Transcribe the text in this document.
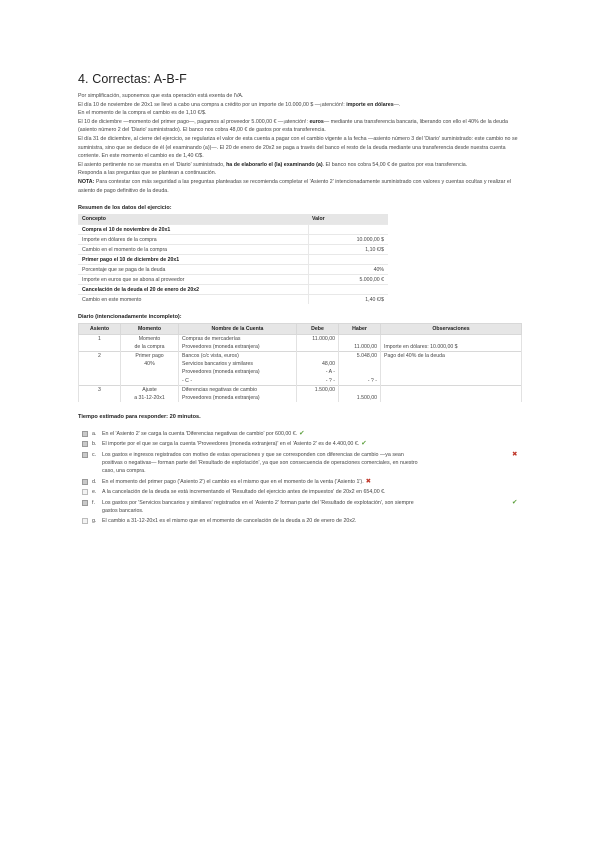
4. Correctas: A-B-F

Por simplificación, suponemos que esta operación está exenta de IVA.

El día 10 de noviembre de 20x1 se llevó a cabo una compra a crédito por un importe de 10.000,00 $ —¡atención!: importe en dólares—.

En el momento de la compra el cambio es de 1,10 €/$.

El 10 de diciembre —momento del primer pago—, pagamos al proveedor 5.000,00 € —¡atención!: euros— mediante una transferencia bancaria, liberando con ello el 40% de la deuda (asiento número 2 del 'Diario' suministrado). El banco nos cobra 48,00 € de gastos por esta transferencia.

El día 31 de diciembre, al cierre del ejercicio, se regulariza el valor de esta cuenta a pagar con el cambio vigente a la fecha —asiento número 3 del 'Diario' suministrado: este cambio no se suministra, sino que se deduce de él (el examinando (a))—. El 20 de enero de 20x2 se paga a través del banco el resto de la deuda mediante una transferencia desde nuestra cuenta corriente. En este momento el cambio es de 1,40 €/$.

El asiento pertinente no se muestra en el 'Diario' suministrado, ha de elaborarlo el (la) examinando (a). El banco nos cobra 54,00 € de gastos por esa transferencia.

Responda a las preguntas que se plantean a continuación.

NOTA: Para contestar con más seguridad a las preguntas planteadas se recomienda completar el 'Asiento 2' intencionadamente suministrado con valores y cuentas ocultas y realizar el asiento de pago definitivo de la deuda.

Resumen de los datos del ejercicio:
Concepto	Valor
Compra el 10 de noviembre de 20x1	
Importe en dólares de la compra	10.000,00 $
Cambio en el momento de la compra	1,10 €/$
Primer pago el 10 de diciembre de 20x1	
Porcentaje que se paga de la deuda	40%
Importe en euros que se abona al proveedor	5.000,00 €
Cancelación de la deuda el 20 de enero de 20x2	
Cambio en este momento	1,40 €/$
Diario (intencionadamente incompleto):
Asiento	Momento	Nombre de la Cuenta	Debe	Haber	Observaciones
1	Momento	Compras de mercaderías	11.000,00		
	de la compra	Proveedores (moneda extranjera)		11.000,00	Importe en dólares: 10.000,00 $
2	Primer pago	Bancos (c/c vista, euros)		5.048,00	Pago del 40% de la deuda
	40%	Servicios bancarios y similares	48,00		
		Proveedores (moneda extranjera)	- A -		
		- C -	- ? -	- ? -	
3	Ajuste	Diferencias negativas de cambio	1.500,00		
	a 31-12-20x1	Proveedores (moneda extranjera)		1.500,00	
Tiempo estimado para responder: 20 minutos.
a.	En el 'Asiento 2' se carga la cuenta 'Diferencias negativas de cambio' por 600,00 €. ✔
b.	El importe por el que se carga la cuenta 'Proveedores (moneda extranjera)' en el 'Asiento 2' es de 4.400,00 €. ✔
c.	Los gastos e ingresos registrados con motivo de estas operaciones y que se corresponden con diferencias de cambio —ya sean positivas o negativas— forman parte del 'Resultado de explotación', ya que son consecuencia de operaciones comerciales, en nuestro caso, una compra.
✖
d.	En el momento del primer pago ('Asiento 2') el cambio es el mismo que en el momento de la venta ('Asiento 1'). ✖
e.	A la cancelación de la deuda se está incrementando el 'Resultado del ejercicio antes de impuestos' de 20x2 en 654,00 €.
f.	Los gastos por 'Servicios bancarios y similares' registrados en el 'Asiento 2' forman parte del 'Resultado de explotación', son siempre gastos bancarios.
✔
g.	El cambio a 31-12-20x1 es el mismo que en el momento de cancelación de la deuda a 20 de enero de 20x2.
